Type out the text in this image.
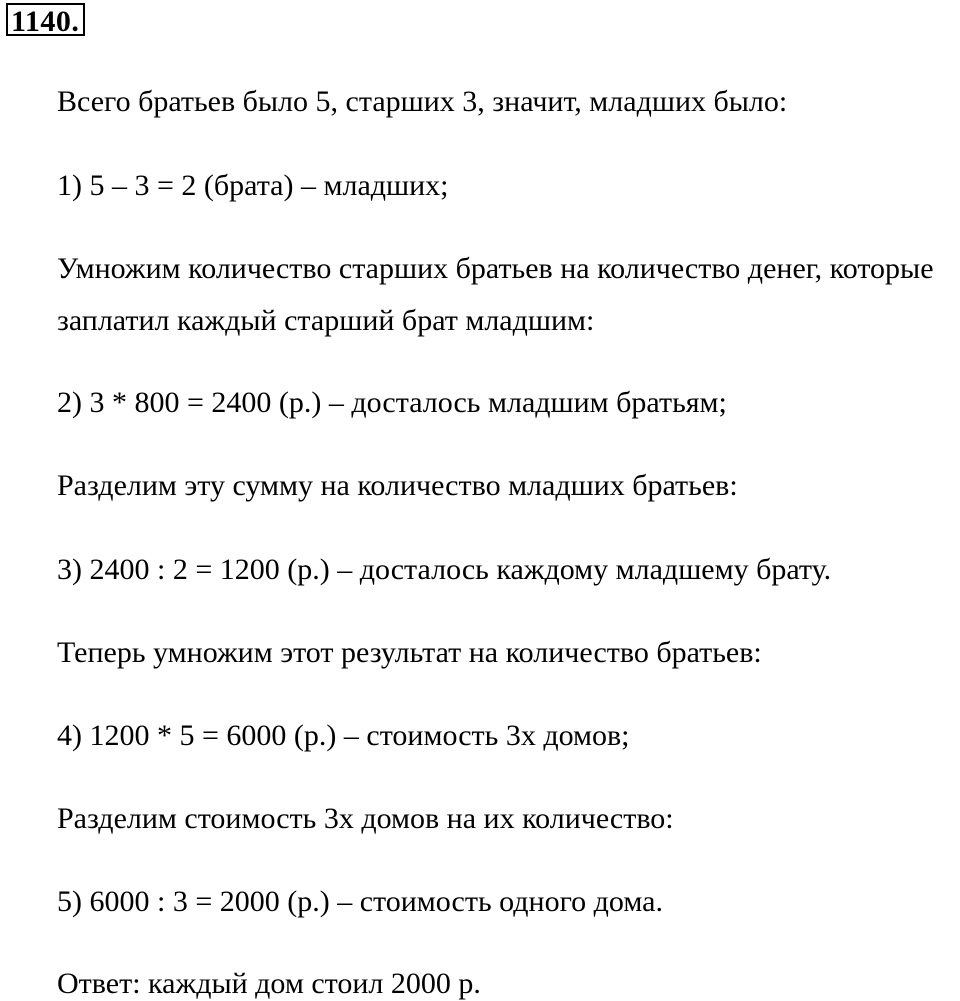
1140.
Всего братьев было 5, старших 3, значит, младших было:
1) 5 – 3 = 2 (брата) – младших;
Умножим количество старших братьев на количество денег, которые
заплатил каждый старший брат младшим:
2) 3 * 800 = 2400 (р.) – досталось младшим братьям;
Разделим эту сумму на количество младших братьев:
3) 2400 : 2 = 1200 (р.) – досталось каждому младшему брату.
Теперь умножим этот результат на количество братьев:
4) 1200 * 5 = 6000 (р.) – стоимость 3х домов;
Разделим стоимость 3х домов на их количество:
5) 6000 : 3 = 2000 (р.) – стоимость одного дома.
Ответ: каждый дом стоил 2000 р.
